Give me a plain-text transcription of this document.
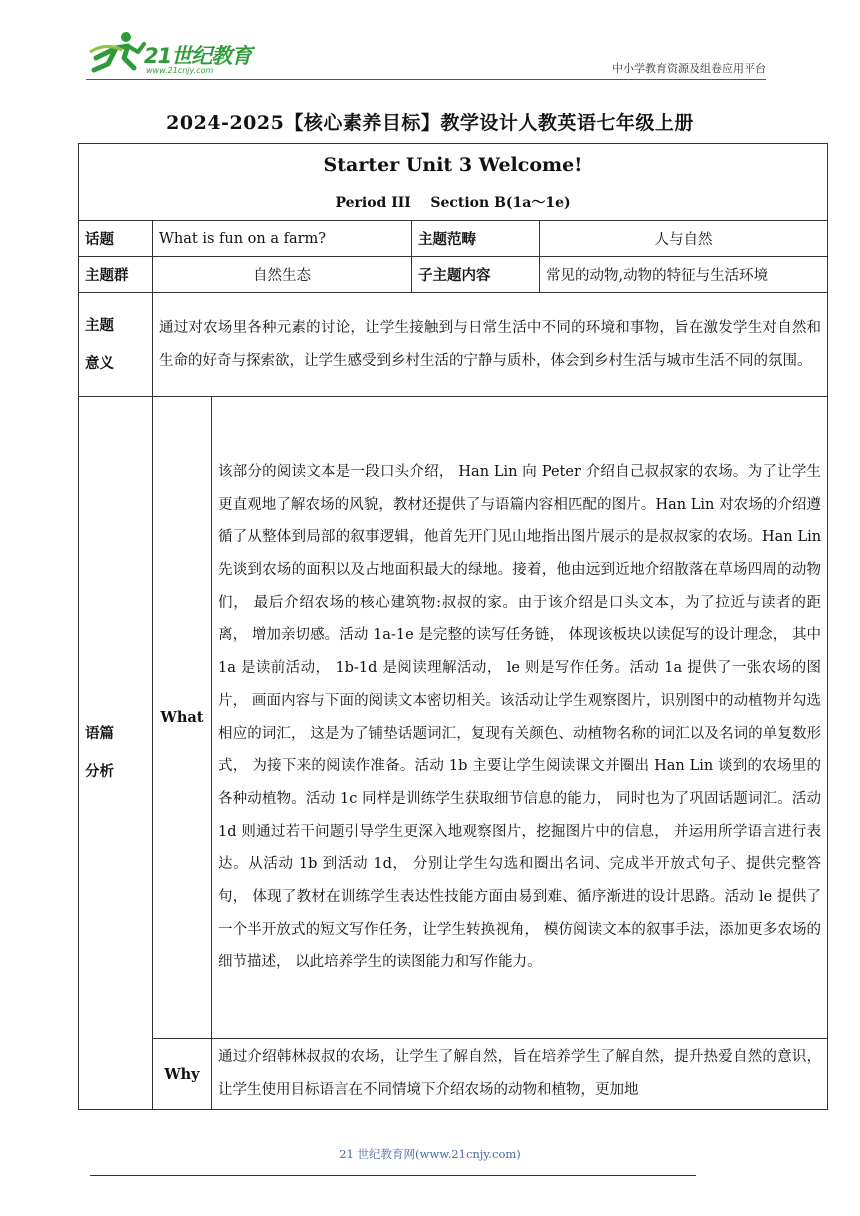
21世纪教育
www.21cnjy.com	中小学教育资源及组卷应用平台
2024-2025【核心素养目标】教学设计人教英语七年级上册
Starter Unit 3 Welcome!
Period III    Section B(1a～1e)				

话题	What is fun on a farm?		主题范畴	人与自然
主题群	自然生态		子主题内容	常见的动物,动物的特征与生活环境

主题
意义	通过对农场里各种元素的讨论，让学生接触到与日常生活中不同的环境和事物，旨在激发学生对自然和生命的好奇与探索欲，让学生感受到乡村生活的宁静与质朴，体会到乡村生活与城市生活不同的氛围。			

语篇
分析	What	该部分的阅读文本是一段口头介绍， Han Lin 向 Peter 介绍自己叔叔家的农场。为了让学生更直观地了解农场的风貌，教材还提供了与语篇内容相匹配的图片。Han Lin 对农场的介绍遵循了从整体到局部的叙事逻辑，他首先开门见山地指出图片展示的是叔叔家的农场。Han Lin 先谈到农场的面积以及占地面积最大的绿地。接着，他由远到近地介绍散落在草场四周的动物们， 最后介绍农场的核心建筑物:叔叔的家。由于该介绍是口头文本，为了拉近与读者的距离， 增加亲切感。活动 1a-1e 是完整的读写任务链， 体现该板块以读促写的设计理念， 其中 1a 是读前活动， 1b-1d 是阅读理解活动， le 则是写作任务。活动 1a 提供了一张农场的图片， 画面内容与下面的阅读文本密切相关。该活动让学生观察图片，识别图中的动植物并勾选相应的词汇， 这是为了铺垫话题词汇，复现有关颜色、动植物名称的词汇以及名词的单复数形式， 为接下来的阅读作准备。活动 1b 主要让学生阅读课文并圈出 Han Lin 谈到的农场里的各种动植物。活动 1c 同样是训练学生获取细节信息的能力， 同时也为了巩固话题词汇。活动 1d 则通过若干问题引导学生更深入地观察图片，挖掘图片中的信息， 并运用所学语言进行表达。从活动 1b 到活动 1d， 分别让学生勾选和圈出名词、完成半开放式句子、提供完整答句， 体现了教材在训练学生表达性技能方面由易到难、循序渐进的设计思路。活动 le 提供了一个半开放式的短文写作任务，让学生转换视角， 模仿阅读文本的叙事手法，添加更多农场的细节描述， 以此培养学生的读图能力和写作能力。		
	Why	通过介绍韩林叔叔的农场，让学生了解自然，旨在培养学生了解自然，提升热爱自然的意识，让学生使用目标语言在不同情境下介绍农场的动物和植物，更加地		
21 世纪教育网(www.21cnjy.com)
